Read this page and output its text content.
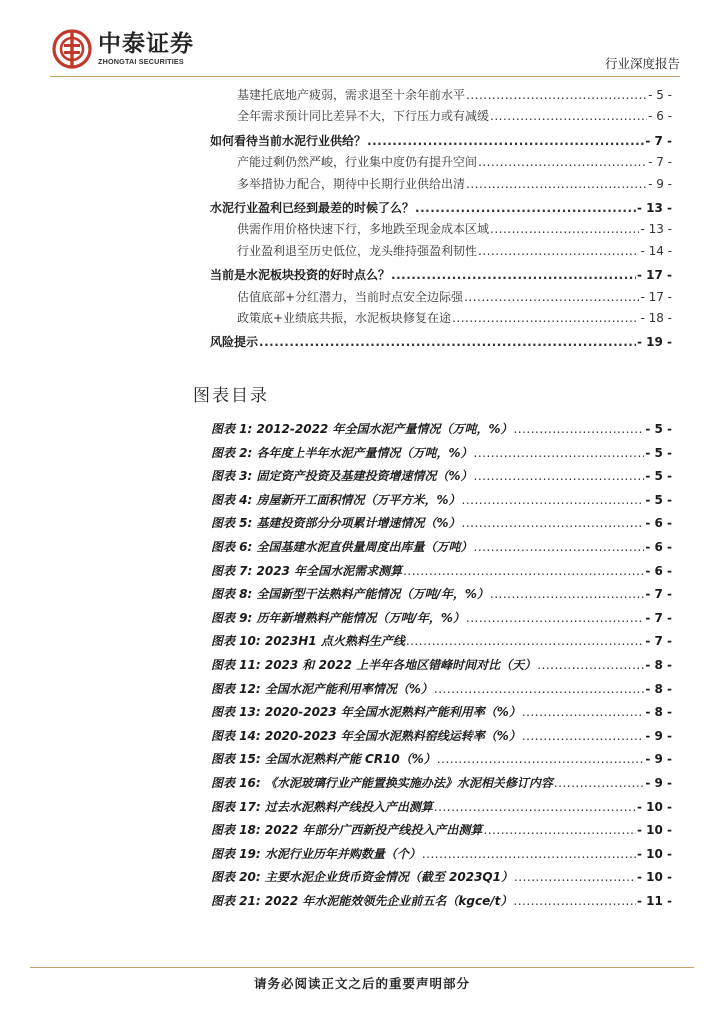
中泰证券
ZHONGTAI SECURITIES	行业深度报告
基建托底地产疲弱，需求退至十余年前水平 .....	- 5 -
全年需求预计同比差异不大，下行压力或有减缓 .....	- 6 -
如何看待当前水泥行业供给？ .....	- 7 -
产能过剩仍然严峻，行业集中度仍有提升空间 .....	- 7 -
多举措协力配合，期待中长期行业供给出清 .....	- 9 -
水泥行业盈利已经到最差的时候了么？ .....	- 13 -
供需作用价格快速下行，多地跌至现金成本区域 .....	- 13 -
行业盈利退至历史低位，龙头维持强盈利韧性 .....	- 14 -
当前是水泥板块投资的好时点么？ .....	- 17 -
估值底部+分红潜力，当前时点安全边际强 .....	- 17 -
政策底+业绩底共振，水泥板块修复在途 .....	- 18 -
风险提示 .....	- 19 -
图表目录
图表 1: 2012-2022 年全国水泥产量情况（万吨，%） .....	- 5 -
图表 2: 各年度上半年水泥产量情况（万吨，%） .....	- 5 -
图表 3: 固定资产投资及基建投资增速情况（%） .....	- 5 -
图表 4: 房屋新开工面积情况（万平方米，%） .....	- 5 -
图表 5: 基建投资部分分项累计增速情况（%） .....	- 6 -
图表 6: 全国基建水泥直供量周度出库量（万吨） .....	- 6 -
图表 7: 2023 年全国水泥需求测算 .....	- 6 -
图表 8: 全国新型干法熟料产能情况（万吨/年，%） .....	- 7 -
图表 9: 历年新增熟料产能情况（万吨/年，%） .....	- 7 -
图表 10: 2023H1 点火熟料生产线 .....	- 7 -
图表 11: 2023 和 2022 上半年各地区错峰时间对比（天） .....	- 8 -
图表 12: 全国水泥产能利用率情况（%） .....	- 8 -
图表 13: 2020-2023 年全国水泥熟料产能利用率（%） .....	- 8 -
图表 14: 2020-2023 年全国水泥熟料窑线运转率（%） .....	- 9 -
图表 15: 全国水泥熟料产能 CR10（%） .....	- 9 -
图表 16: 《水泥玻璃行业产能置换实施办法》水泥相关修订内容 .....	- 9 -
图表 17: 过去水泥熟料产线投入产出测算 .....	- 10 -
图表 18: 2022 年部分广西新投产线投入产出测算 .....	- 10 -
图表 19: 水泥行业历年并购数量（个） .....	- 10 -
图表 20: 主要水泥企业货币资金情况（截至 2023Q1） .....	- 10 -
图表 21: 2022 年水泥能效领先企业前五名（kgce/t） .....	- 11 -
请务必阅读正文之后的重要声明部分
